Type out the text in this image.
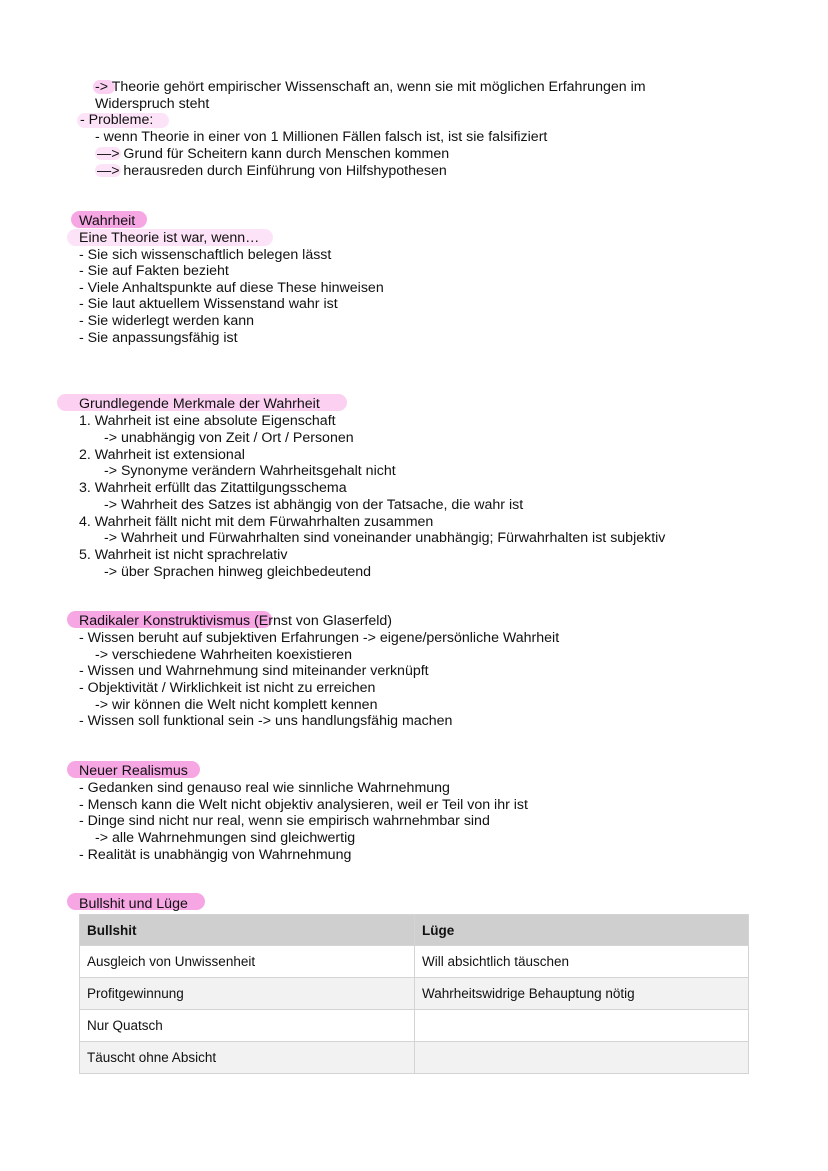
-> Theorie gehört empirischer Wissenschaft an, wenn sie mit möglichen Erfahrungen im
Widerspruch steht
- Probleme:
- wenn Theorie in einer von 1 Millionen Fällen falsch ist, ist sie falsifiziert
—> Grund für Scheitern kann durch Menschen kommen
—> herausreden durch Einführung von Hilfshypothesen
Wahrheit
Eine Theorie ist war, wenn…
- Sie sich wissenschaftlich belegen lässt
- Sie auf Fakten bezieht
- Viele Anhaltspunkte auf diese These hinweisen
- Sie laut aktuellem Wissenstand wahr ist
- Sie widerlegt werden kann
- Sie anpassungsfähig ist
Grundlegende Merkmale der Wahrheit
1. Wahrheit ist eine absolute Eigenschaft
-> unabhängig von Zeit / Ort / Personen
2. Wahrheit ist extensional
-> Synonyme verändern Wahrheitsgehalt nicht
3. Wahrheit erfüllt das Zitattilgungsschema
-> Wahrheit des Satzes ist abhängig von der Tatsache, die wahr ist
4. Wahrheit fällt nicht mit dem Fürwahrhalten zusammen
-> Wahrheit und Fürwahrhalten sind voneinander unabhängig; Fürwahrhalten ist subjektiv
5. Wahrheit ist nicht sprachrelativ
-> über Sprachen hinweg gleichbedeutend
Radikaler Konstruktivismus (Ernst von Glaserfeld)
- Wissen beruht auf subjektiven Erfahrungen -> eigene/persönliche Wahrheit
-> verschiedene Wahrheiten koexistieren
- Wissen und Wahrnehmung sind miteinander verknüpft
- Objektivität / Wirklichkeit ist nicht zu erreichen
-> wir können die Welt nicht komplett kennen
- Wissen soll funktional sein -> uns handlungsfähig machen
Neuer Realismus
- Gedanken sind genauso real wie sinnliche Wahrnehmung
- Mensch kann die Welt nicht objektiv analysieren, weil er Teil von ihr ist
- Dinge sind nicht nur real, wenn sie empirisch wahrnehmbar sind
-> alle Wahrnehmungen sind gleichwertig
- Realität is unabhängig von Wahrnehmung
Bullshit und Lüge
Bullshit	Lüge
Ausgleich von Unwissenheit	Will absichtlich täuschen
Profitgewinnung	Wahrheitswidrige Behauptung nötig
Nur Quatsch	
Täuscht ohne Absicht	
